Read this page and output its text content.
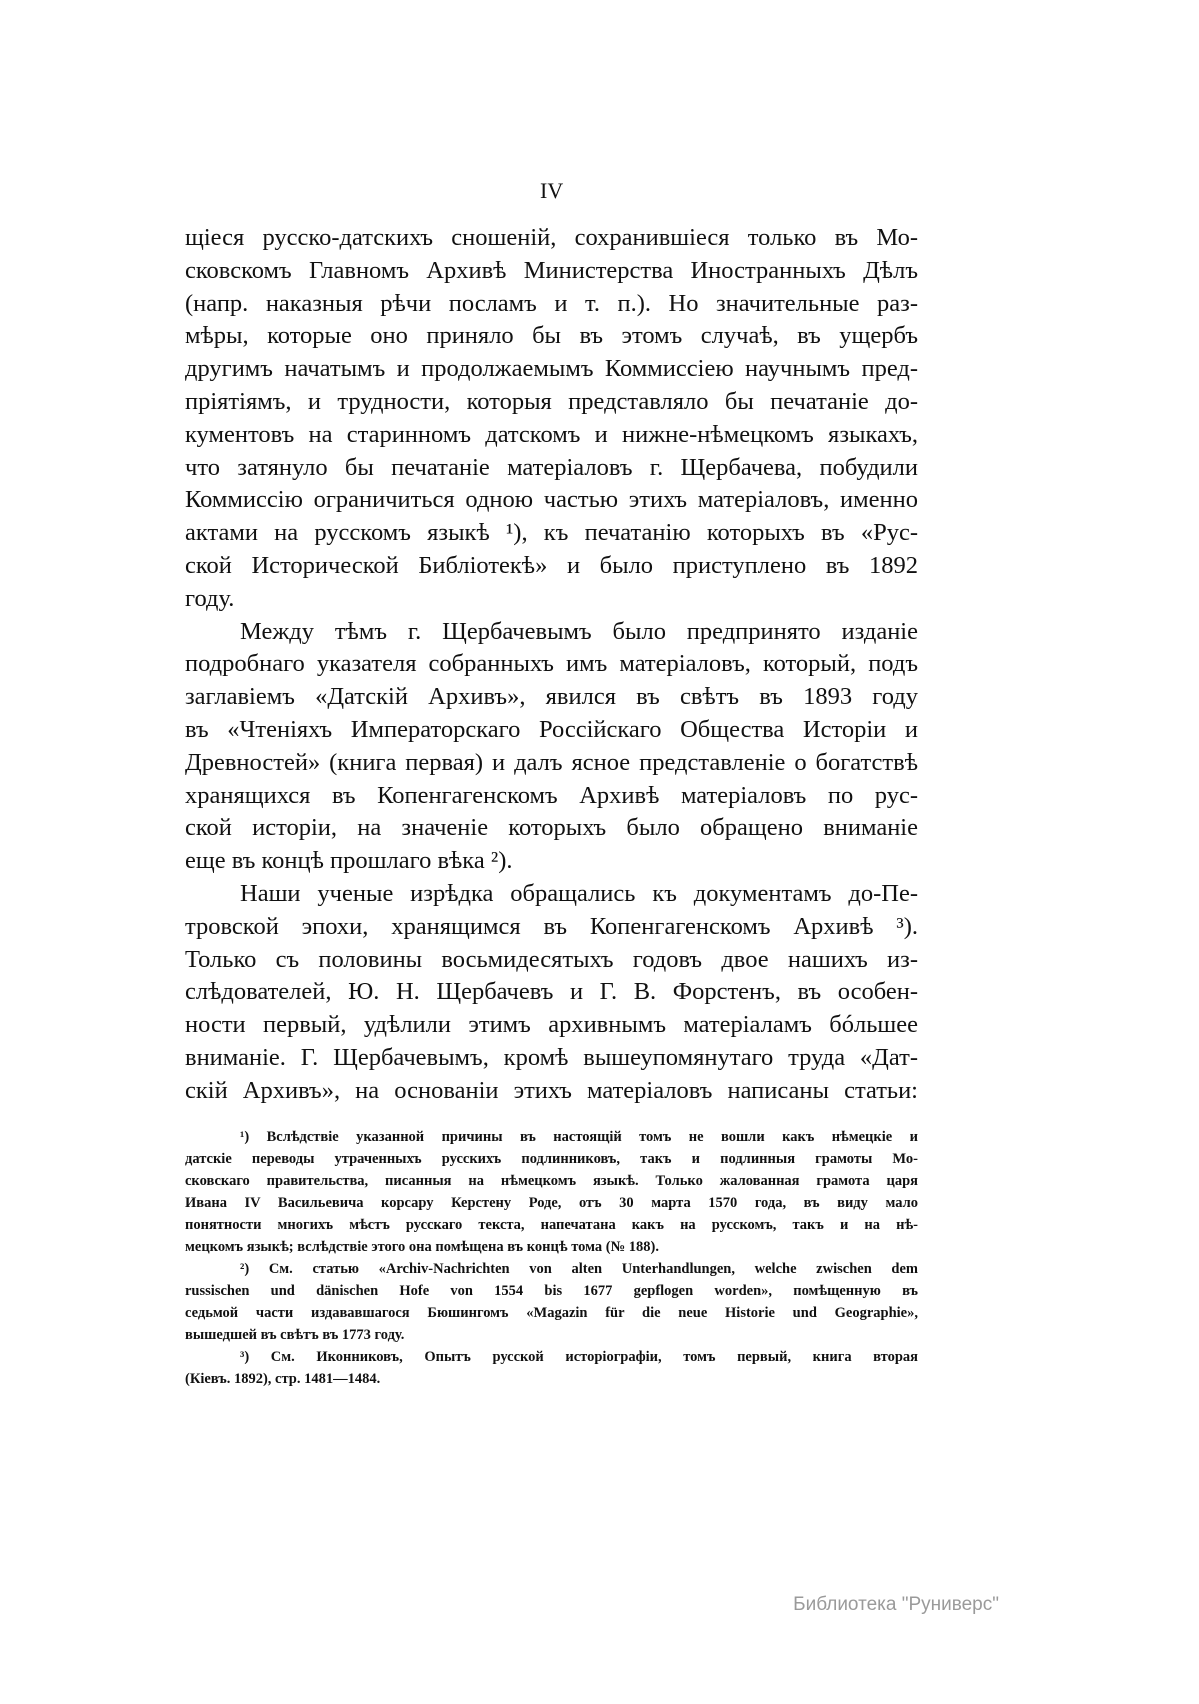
IV
щіеся русско-датскихъ сношеній, сохранившіеся только въ Мо-
сковскомъ Главномъ Архивѣ Министерства Иностранныхъ Дѣлъ
(напр. наказныя рѣчи посламъ и т. п.). Но значительные раз-
мѣры, которые оно приняло бы въ этомъ случаѣ, въ ущербъ
другимъ начатымъ и продолжаемымъ Коммиссіею научнымъ пред-
пріятіямъ, и трудности, которыя представляло бы печатаніе до-
кументовъ на старинномъ датскомъ и нижне-нѣмецкомъ языкахъ,
что затянуло бы печатаніе матеріаловъ г. Щербачева, побудили
Коммиссію ограничиться одною частью этихъ матеріаловъ, именно
актами на русскомъ языкѣ ¹), къ печатанію которыхъ въ «Рус-
ской Исторической Библіотекѣ» и было приступлено въ 1892
году.
Между тѣмъ г. Щербачевымъ было предпринято изданіе
подробнаго указателя собранныхъ имъ матеріаловъ, который, подъ
заглавіемъ «Датскій Архивъ», явился въ свѣтъ въ 1893 году
въ «Чтеніяхъ Императорскаго Россійскаго Общества Исторіи и
Древностей» (книга первая) и далъ ясное представленіе о богатствѣ
хранящихся въ Копенгагенскомъ Архивѣ матеріаловъ по рус-
ской исторіи, на значеніе которыхъ было обращено вниманіе
еще въ концѣ прошлаго вѣка ²).
Наши ученые изрѣдка обращались къ документамъ до-Пе-
тровской эпохи, хранящимся въ Копенгагенскомъ Архивѣ ³).
Только съ половины восьмидесятыхъ годовъ двое нашихъ из-
слѣдователей, Ю. Н. Щербачевъ и Г. В. Форстенъ, въ особен-
ности первый, удѣлили этимъ архивнымъ матеріаламъ бóльшее
вниманіе. Г. Щербачевымъ, кромѣ вышеупомянутаго труда «Дат-
скій Архивъ», на основаніи этихъ матеріаловъ написаны статьи:
¹) Вслѣдствіе указанной причины въ настоящій томъ не вошли какъ нѣмецкіе и
датскіе переводы утраченныхъ русскихъ подлинниковъ, такъ и подлинныя грамоты Мо-
сковскаго правительства, писанныя на нѣмецкомъ языкѣ. Только жалованная грамота царя
Ивана IV Васильевича корсару Керстену Роде, отъ 30 марта 1570 года, въ виду мало
понятности многихъ мѣстъ русскаго текста, напечатана какъ на русскомъ, такъ и на нѣ-
мецкомъ языкѣ; вслѣдствіе этого она помѣщена въ концѣ тома (№ 188).
²) См. статью «Archiv-Nachrichten von alten Unterhandlungen, welche zwischen dem
russischen und dänischen Hofe von 1554 bis 1677 gepflogen worden», помѣщенную въ
седьмой части издававшагося Бюшингомъ «Magazin für die neue Historie und Geographie»,
вышедшей въ свѣтъ въ 1773 году.
³) См. Иконниковъ, Опытъ русской исторіографіи, томъ первый, книга вторая
(Кіевъ. 1892), стр. 1481—1484.
Библиотека "Руниверс"
